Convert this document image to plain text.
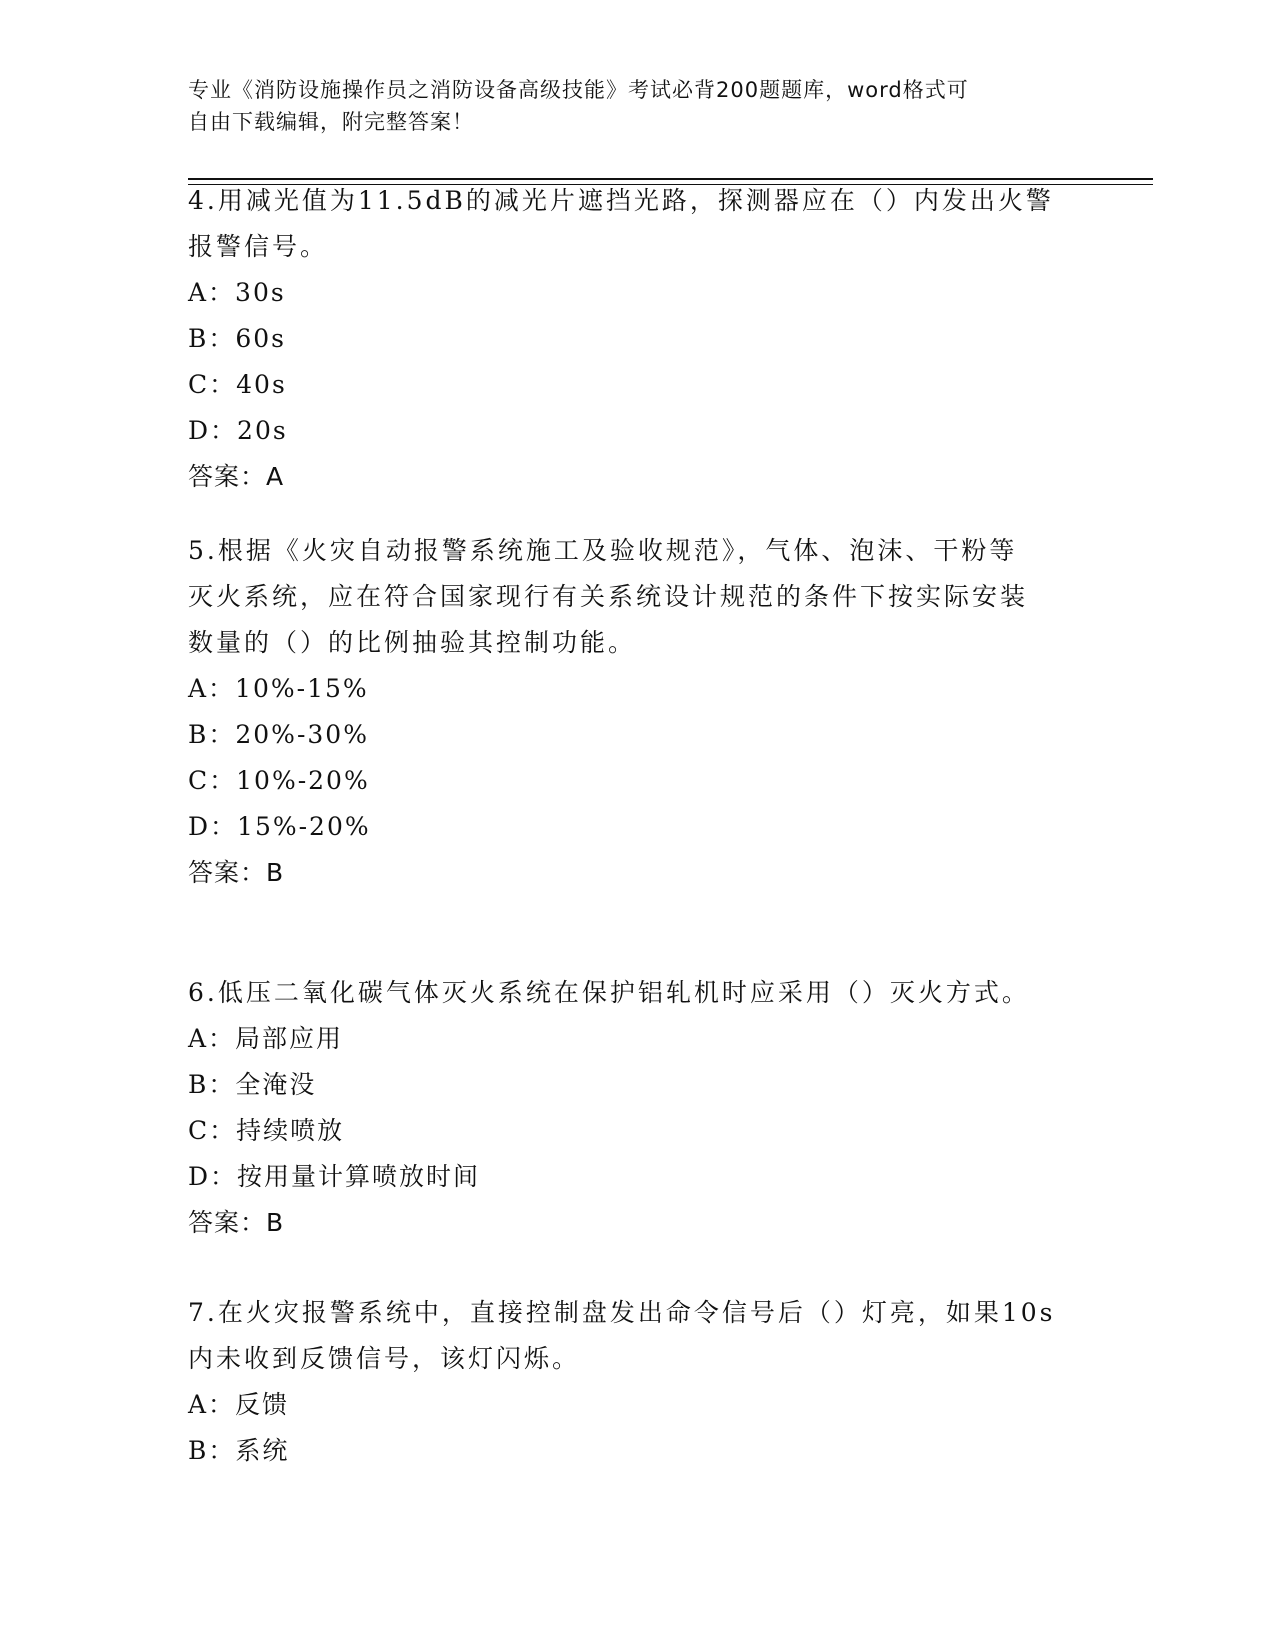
专业《消防设施操作员之消防设备高级技能》考试必背200题题库，word格式可
自由下载编辑，附完整答案！
4.用减光值为11.5dB的减光片遮挡光路，探测器应在（）内发出火警
报警信号。
A：30s
B：60s
C：40s
D：20s
答案：A
5.根据《火灾自动报警系统施工及验收规范》，气体、泡沫、干粉等
灭火系统，应在符合国家现行有关系统设计规范的条件下按实际安装
数量的（）的比例抽验其控制功能。
A：10%-15%
B：20%-30%
C：10%-20%
D：15%-20%
答案：B
6.低压二氧化碳气体灭火系统在保护铝轧机时应采用（）灭火方式。
A：局部应用
B：全淹没
C：持续喷放
D：按用量计算喷放时间
答案：B
7.在火灾报警系统中，直接控制盘发出命令信号后（）灯亮，如果10s
内未收到反馈信号，该灯闪烁。
A：反馈
B：系统
